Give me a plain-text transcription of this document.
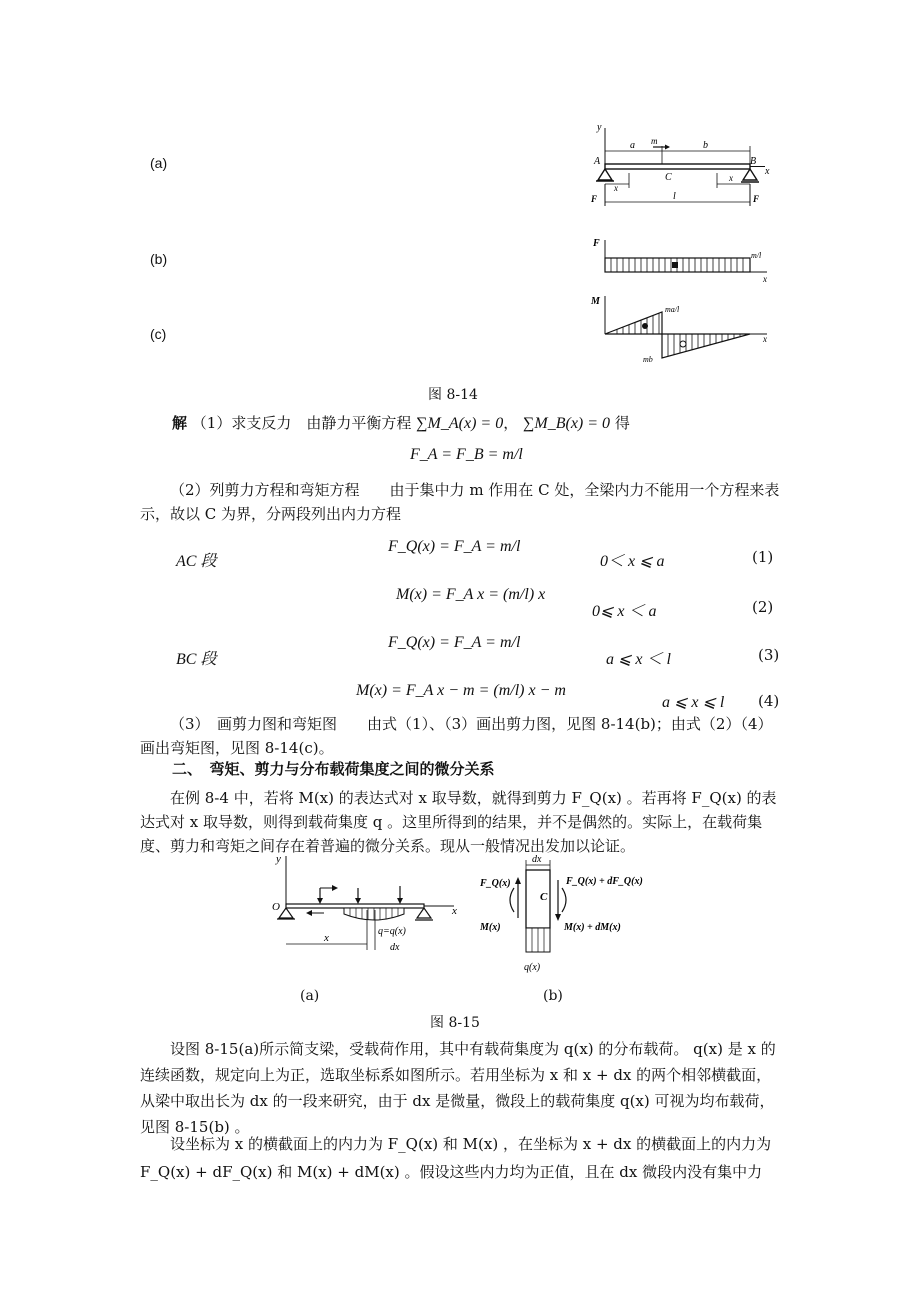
(a)
(b)
(c)
y
a	b
m
x
A	B
C
x
x
l
F	F
F
x
m/l
M
x
ma/l
mb
图 8-14
解 （1）求支反力　由静力平衡方程 ∑M_A(x) = 0， ∑M_B(x) = 0 得
F_A = F_B = m/l
（2）列剪力方程和弯矩方程　　由于集中力 m 作用在 C 处，全梁内力不能用一个方程来表示，故以 C 为界，分两段列出内力方程
AC 段
F_Q(x) = F_A = m/l
0＜ x ⩽ a	(1)
M(x) = F_A x = (m/l) x
0⩽ x ＜ a	(2)
BC 段
F_Q(x) = F_A = m/l
a ⩽ x ＜ l	(3)
M(x) = F_A x − m = (m/l) x − m
a ⩽ x ⩽ l (4)
（3）　画剪力图和弯矩图　　由式（1）、（3）画出剪力图，见图 8-14(b)；由式（2）（4）画出弯矩图，见图 8-14(c)。
二、　弯矩、剪力与分布载荷集度之间的微分关系
在例 8-4 中，若将 M(x) 的表达式对 x 取导数，就得到剪力 F_Q(x) 。若再将 F_Q(x) 的表达式对 x 取导数，则得到载荷集度 q 。这里所得到的结果，并不是偶然的。实际上，在载荷集度、剪力和弯矩之间存在着普遍的微分关系。现从一般情况出发加以论证。
y
O	x
q=q(x)
x
dx
dx
C
F_Q(x)	F_Q(x) + dF_Q(x)
M(x)	M(x) + dM(x)
q(x)
(a)	(b)
图 8-15
设图 8-15(a)所示简支梁，受载荷作用，其中有载荷集度为 q(x) 的分布载荷。 q(x) 是 x 的连续函数，规定向上为正，选取坐标系如图所示。若用坐标为 x 和 x + dx 的两个相邻横截面，从梁中取出长为 dx 的一段来研究，由于 dx 是微量，微段上的载荷集度 q(x) 可视为均布载荷，见图 8-15(b) 。
设坐标为 x 的横截面上的内力为 F_Q(x) 和 M(x) ，在坐标为 x + dx 的横截面上的内力为 F_Q(x) + dF_Q(x) 和 M(x) + dM(x) 。假设这些内力均为正值，且在 dx 微段内没有集中力
